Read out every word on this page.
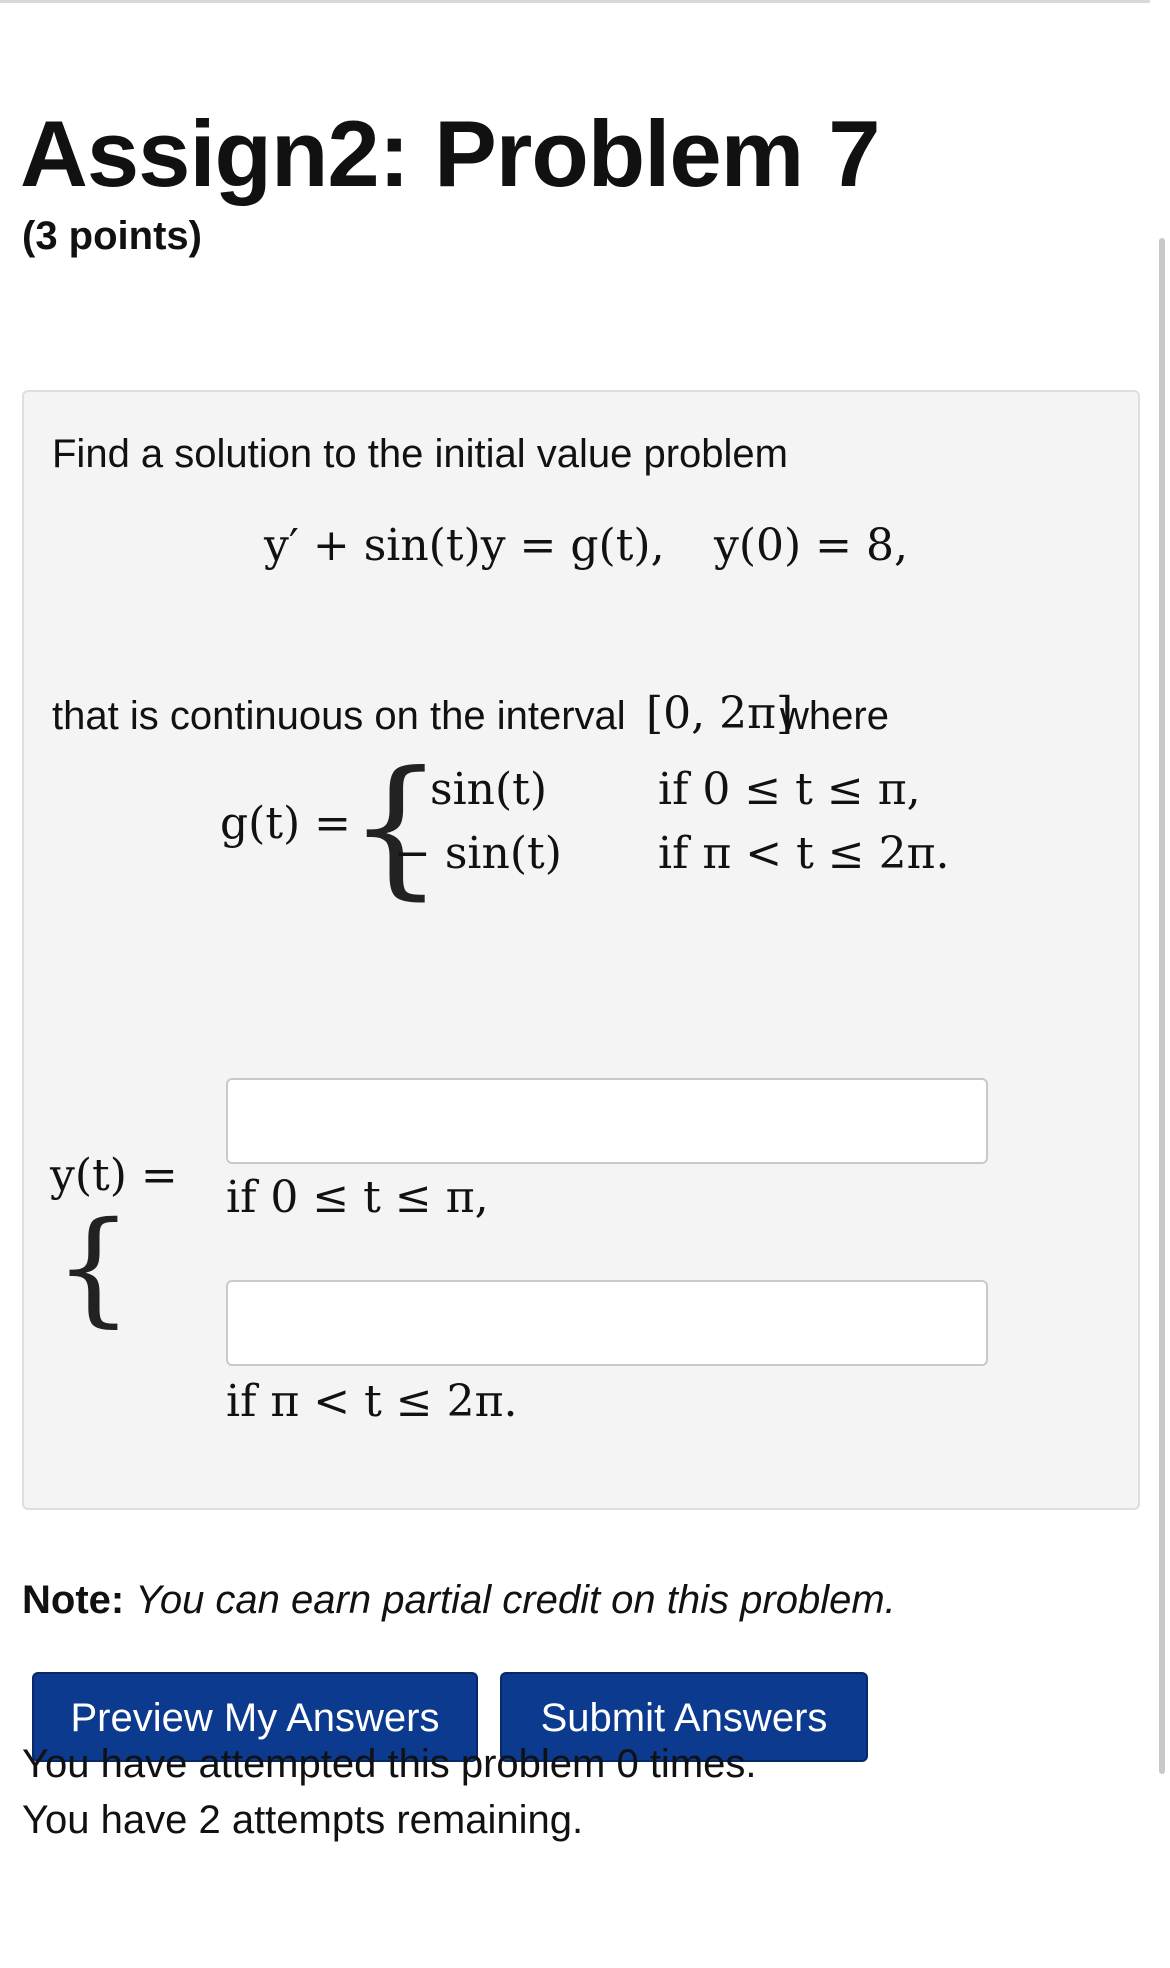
Assign2: Problem 7
(3 points)
Find a solution to the initial value problem
y′ + sin(t)y = g(t), y(0) = 8,
that is continuous on the interval [0, 2π]
where
g(t) =
{
sin(t)	if 0 ≤ t ≤ π,
− sin(t) if π < t ≤ 2π.
y(t) =
{ if 0 ≤ t ≤ π,
if π < t ≤ 2π.
Note: You can earn partial credit on this problem.
Preview My Answers	Submit Answers
You have attempted this problem 0 times.
You have 2 attempts remaining.
